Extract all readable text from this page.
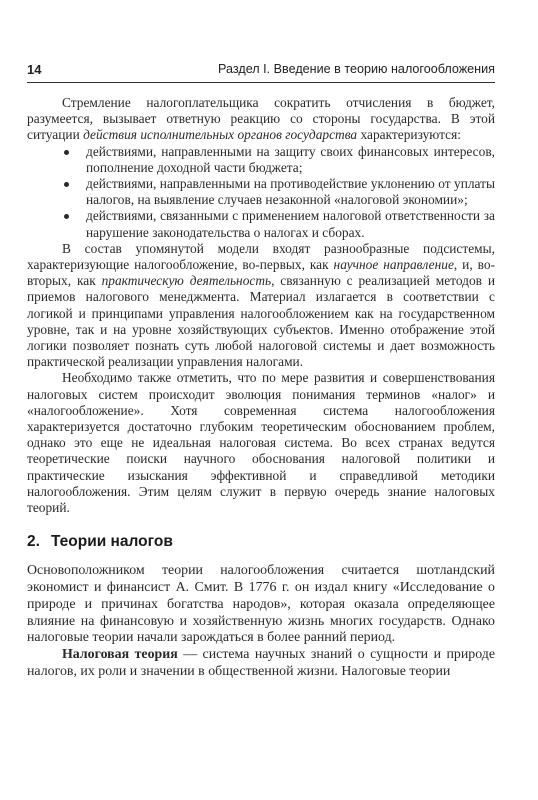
14	Раздел I. Введение в теорию налогообложения

Стремление налогоплательщика сократить отчисления в бюджет, разумеется, вызывает ответную реакцию со стороны государства. В этой ситуации действия исполнительных органов государства характеризуются:

действиями, направленными на защиту своих финансовых интересов, пополнение доходной части бюджета;
действиями, направленными на противодействие уклонению от уплаты налогов, на выявление случаев незаконной «налоговой экономии»;
действиями, связанными с применением налоговой ответственности за нарушение законодательства о налогах и сборах.

В состав упомянутой модели входят разнообразные подсистемы, характеризующие налогообложение, во-первых, как научное направление, и, во-вторых, как практическую деятельность, связанную с реализацией методов и приемов налогового менеджмента. Материал излагается в соответствии с логикой и принципами управления налогообложением как на государственном уровне, так и на уровне хозяйствующих субъектов. Именно отображение этой логики позволяет познать суть любой налоговой системы и дает возможность практической реализации управления налогами.

Необходимо также отметить, что по мере развития и совершенствования налоговых систем происходит эволюция понимания терминов «налог» и «налогообложение». Хотя современная система налогообложения характеризуется достаточно глубоким теоретическим обоснованием проблем, однако это еще не идеальная налоговая система. Во всех странах ведутся теоретические поиски научного обоснования налоговой политики и практические изыскания эффективной и справедливой методики налогообложения. Этим целям служит в первую очередь знание налоговых теорий.

2. Теории налогов

Основоположником теории налогообложения считается шотландский экономист и финансист А. Смит. В 1776 г. он издал книгу «Исследование о природе и причинах богатства народов», которая оказала определяющее влияние на финансовую и хозяйственную жизнь многих государств. Однако налоговые теории начали зарождаться в более ранний период.

Налоговая теория — система научных знаний о сущности и природе налогов, их роли и значении в общественной жизни. Налоговые теории
